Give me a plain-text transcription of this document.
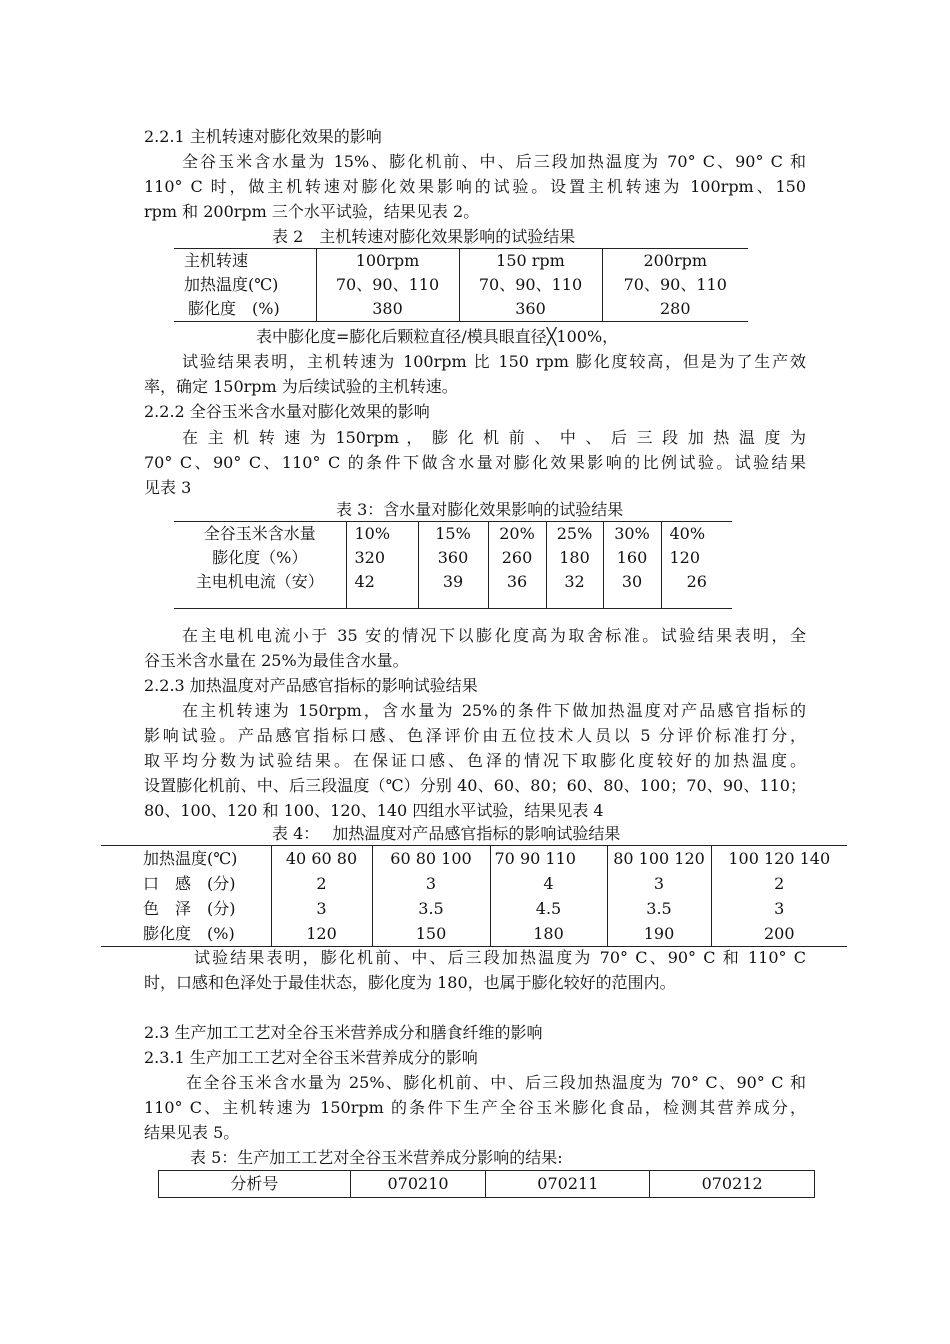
2.2.1 主机转速对膨化效果的影响
全谷玉米含水量为 15%、膨化机前、中、后三段加热温度为 70° C、90° C 和
110° C 时，做主机转速对膨化效果影响的试验。设置主机转速为 100rpm、150
rpm 和 200rpm 三个水平试验，结果见表 2。
表 2　主机转速对膨化效果影响的试验结果
主机转速	100rpm	150 rpm	200rpm
加热温度(℃)	70、90、110	70、90、110	70、90、110
膨化度　(%)	380	360	280
表中膨化度=膨化后颗粒直径/模具眼直径╳100%，
试验结果表明，主机转速为 100rpm 比 150 rpm 膨化度较高，但是为了生产效
率，确定 150rpm 为后续试验的主机转速。
2.2.2 全谷玉米含水量对膨化效果的影响
在 主 机 转 速 为 150rpm ， 膨 化 机 前 、 中 、 后 三 段 加 热 温 度 为
70° C、90° C、110° C 的条件下做含水量对膨化效果影响的比例试验。试验结果
见表 3
表 3：含水量对膨化效果影响的试验结果
全谷玉米含水量	10%	15%	20%	25%	30%	40%
膨化度（%）	320	360	260	180	160	120
主电机电流（安）	42	39	36	32	30	26

在主电机电流小于 35 安的情况下以膨化度高为取舍标准。试验结果表明，全
谷玉米含水量在 25%为最佳含水量。
2.2.3 加热温度对产品感官指标的影响试验结果
在主机转速为 150rpm，含水量为 25%的条件下做加热温度对产品感官指标的
影响试验。产品感官指标口感、色泽评价由五位技术人员以 5 分评价标准打分，
取平均分数为试验结果。在保证口感、色泽的情况下取膨化度较好的加热温度。
设置膨化机前、中、后三段温度（℃）分别 40、60、80；60、80、100；70、90、110；
80、100、120 和 100、120、140 四组水平试验，结果见表 4
表 4：　 加热温度对产品感官指标的影响试验结果
加热温度(℃)	40 60 80	60 80 100	70 90 110	80 100 120	100 120 140
口　感　(分)	2	3	4	3	2
色　泽　(分)	3	3.5	4.5	3.5	3
膨化度　(%)	120	150	180	190	200
试验结果表明，膨化机前、中、后三段加热温度为 70° C、90° C 和 110° C
时，口感和色泽处于最佳状态，膨化度为 180，也属于膨化较好的范围内。
2.3 生产加工工艺对全谷玉米营养成分和膳食纤维的影响
2.3.1 生产加工工艺对全谷玉米营养成分的影响
在全谷玉米含水量为 25%、膨化机前、中、后三段加热温度为 70° C、90° C 和
110° C、主机转速为 150rpm 的条件下生产全谷玉米膨化食品，检测其营养成分，
结果见表 5。
表 5：生产加工工艺对全谷玉米营养成分影响的结果:
分析号	070210	070211	070212
